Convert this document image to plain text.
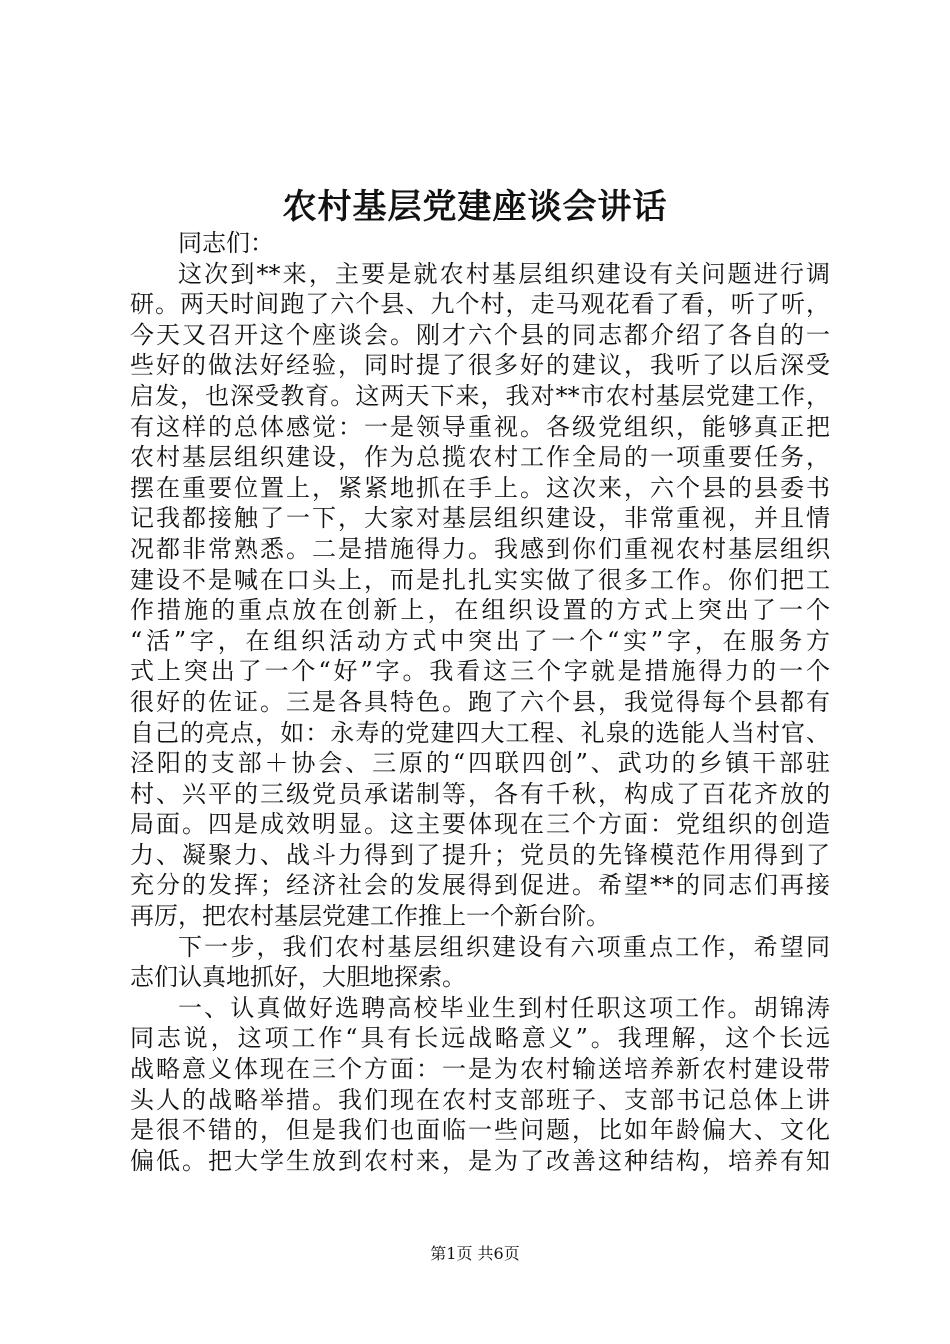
农村基层党建座谈会讲话
同志们：
这次到**来，主要是就农村基层组织建设有关问题进行调
研。两天时间跑了六个县、九个村，走马观花看了看，听了听，
今天又召开这个座谈会。刚才六个县的同志都介绍了各自的一
些好的做法好经验，同时提了很多好的建议，我听了以后深受
启发，也深受教育。这两天下来，我对**市农村基层党建工作，
有这样的总体感觉：一是领导重视。各级党组织，能够真正把
农村基层组织建设，作为总揽农村工作全局的一项重要任务，
摆在重要位置上，紧紧地抓在手上。这次来，六个县的县委书
记我都接触了一下，大家对基层组织建设，非常重视，并且情
况都非常熟悉。二是措施得力。我感到你们重视农村基层组织
建设不是喊在口头上，而是扎扎实实做了很多工作。你们把工
作措施的重点放在创新上，在组织设置的方式上突出了一个
“活”字，在组织活动方式中突出了一个“实”字，在服务方
式上突出了一个“好”字。我看这三个字就是措施得力的一个
很好的佐证。三是各具特色。跑了六个县，我觉得每个县都有
自己的亮点，如：永寿的党建四大工程、礼泉的选能人当村官、
泾阳的支部＋协会、三原的“四联四创”、武功的乡镇干部驻
村、兴平的三级党员承诺制等，各有千秋，构成了百花齐放的
局面。四是成效明显。这主要体现在三个方面：党组织的创造
力、凝聚力、战斗力得到了提升；党员的先锋模范作用得到了
充分的发挥；经济社会的发展得到促进。希望**的同志们再接
再厉，把农村基层党建工作推上一个新台阶。
下一步，我们农村基层组织建设有六项重点工作，希望同
志们认真地抓好，大胆地探索。
一、认真做好选聘高校毕业生到村任职这项工作。胡锦涛
同志说，这项工作“具有长远战略意义”。我理解，这个长远
战略意义体现在三个方面：一是为农村输送培养新农村建设带
头人的战略举措。我们现在农村支部班子、支部书记总体上讲
是很不错的，但是我们也面临一些问题，比如年龄偏大、文化
偏低。把大学生放到农村来，是为了改善这种结构，培养有知
第1页 共6页
